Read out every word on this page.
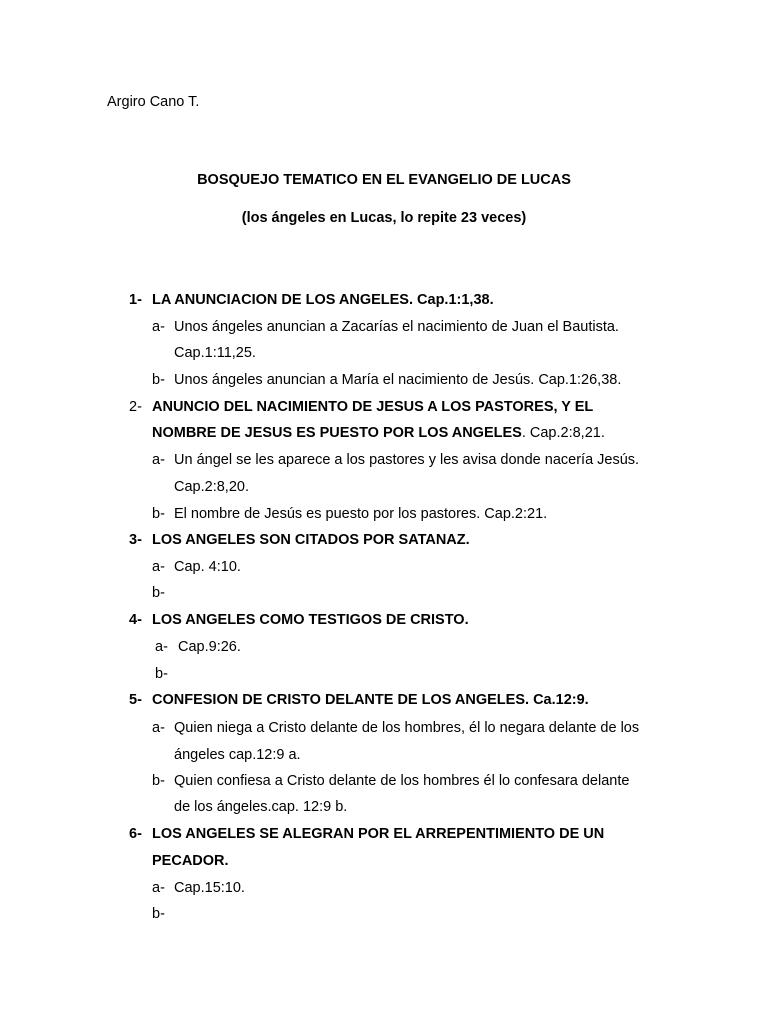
Argiro Cano T.
BOSQUEJO TEMATICO EN EL EVANGELIO DE LUCAS
(los ángeles en Lucas, lo repite 23 veces)
1- LA ANUNCIACION DE LOS ANGELES. Cap.1:1,38.
a- Unos ángeles anuncian a Zacarías el nacimiento de Juan el Bautista.
Cap.1:11,25.
b- Unos ángeles anuncian a María el nacimiento de Jesús. Cap.1:26,38.
2- ANUNCIO DEL NACIMIENTO DE JESUS A LOS PASTORES, Y EL
NOMBRE DE JESUS ES PUESTO POR LOS ANGELES. Cap.2:8,21.
a- Un ángel se les aparece a los pastores y les avisa donde nacería Jesús.
Cap.2:8,20.
b- El nombre de Jesús es puesto por los pastores. Cap.2:21.
3- LOS ANGELES SON CITADOS POR SATANAZ.
a- Cap. 4:10.
b-
4- LOS ANGELES COMO TESTIGOS DE CRISTO.
a- Cap.9:26.
b-
5- CONFESION DE CRISTO DELANTE DE LOS ANGELES. Ca.12:9.
a- Quien niega a Cristo delante de los hombres, él lo negara delante de los
ángeles cap.12:9 a.
b- Quien confiesa a Cristo delante de los hombres él lo confesara delante
de los ángeles.cap. 12:9 b.
6- LOS ANGELES SE ALEGRAN POR EL ARREPENTIMIENTO DE UN
PECADOR.
a- Cap.15:10.
b-
